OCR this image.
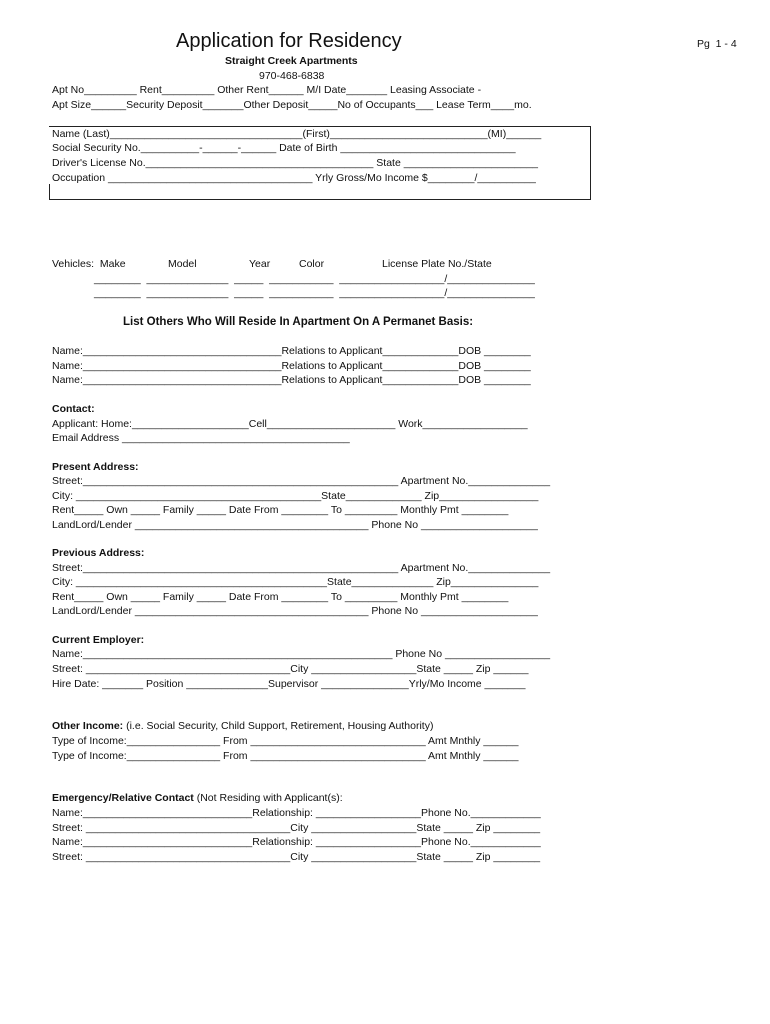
Application for Residency	Pg  1 - 4
Straight Creek Apartments
970-468-6838
Apt No_________ Rent_________ Other Rent______ M/I Date_______ Leasing Associate -
Apt Size______Security Deposit_______Other Deposit_____No of Occupants___ Lease Term____mo.
Name (Last)_________________________________(First)___________________________(MI)______
Social Security No.__________-______-______ Date of Birth ______________________________
Driver's License No._______________________________________ State _______________________
Occupation ___________________________________ Yrly Gross/Mo Income $________/__________
Vehicles:  Make	Model	Year	Color	License Plate No./State
________  ______________  _____  ___________  __________________/_______________
________  ______________  _____  ___________  __________________/_______________
List Others Who Will Reside In Apartment On A Permanet Basis:
Name:__________________________________Relations to Applicant_____________DOB ________
Name:__________________________________Relations to Applicant_____________DOB ________
Name:__________________________________Relations to Applicant_____________DOB ________
Contact:
Applicant: Home:____________________Cell______________________ Work__________________
Email Address _______________________________________
Present Address:
Street:______________________________________________________ Apartment No.______________
City: __________________________________________State_____________ Zip_________________
Rent_____ Own _____ Family _____ Date From ________ To _________ Monthly Pmt ________
LandLord/Lender ________________________________________ Phone No ____________________
Previous Address:
Street:______________________________________________________ Apartment No.______________
City: ___________________________________________State______________ Zip_______________
Rent_____ Own _____ Family _____ Date From ________ To _________ Monthly Pmt ________
LandLord/Lender ________________________________________ Phone No ____________________
Current Employer:
Name:_____________________________________________________ Phone No __________________
Street: ___________________________________City __________________State _____ Zip ______
Hire Date: _______ Position ______________Supervisor _______________Yrly/Mo Income _______
Other Income: (i.e. Social Security, Child Support, Retirement, Housing Authority)
Type of Income:________________ From ______________________________ Amt Mnthly ______
Type of Income:________________ From ______________________________ Amt Mnthly ______
Emergency/Relative Contact (Not Residing with Applicant(s):
Name:_____________________________Relationship: __________________Phone No.____________
Street: ___________________________________City __________________State _____ Zip ________
Name:_____________________________Relationship: __________________Phone No.____________
Street: ___________________________________City __________________State _____ Zip ________
